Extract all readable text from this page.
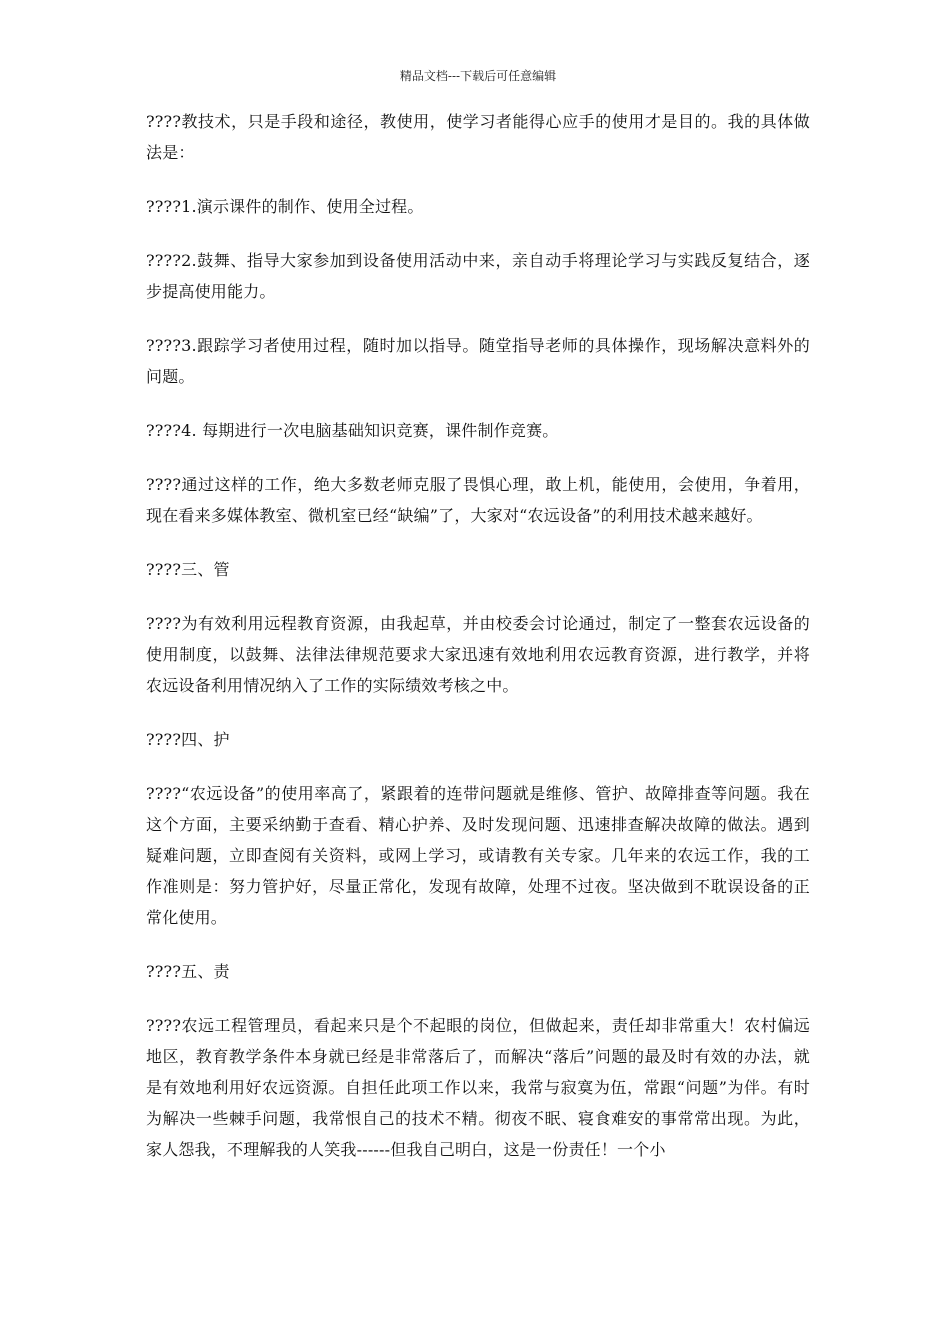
精品文档---下载后可任意编辑

????教技术，只是手段和途径，教使用，使学习者能得心应手的使用才是目的。我的具体做法是：

????1.演示课件的制作、使用全过程。

????2.鼓舞、指导大家参加到设备使用活动中来，亲自动手将理论学习与实践反复结合，逐步提高使用能力。

????3.跟踪学习者使用过程，随时加以指导。随堂指导老师的具体操作，现场解决意料外的问题。

????4. 每期进行一次电脑基础知识竞赛，课件制作竞赛。

????通过这样的工作，绝大多数老师克服了畏惧心理，敢上机，能使用，会使用，争着用，现在看来多媒体教室、微机室已经“缺编”了，大家对“农远设备”的利用技术越来越好。

????三、管

????为有效利用远程教育资源，由我起草，并由校委会讨论通过，制定了一整套农远设备的使用制度，以鼓舞、法律法律规范要求大家迅速有效地利用农远教育资源，进行教学，并将农远设备利用情况纳入了工作的实际绩效考核之中。

????四、护

????“农远设备”的使用率高了，紧跟着的连带问题就是维修、管护、故障排查等问题。我在这个方面，主要采纳勤于查看、精心护养、及时发现问题、迅速排查解决故障的做法。遇到疑难问题，立即查阅有关资料，或网上学习，或请教有关专家。几年来的农远工作，我的工作准则是：努力管护好，尽量正常化，发现有故障，处理不过夜。坚决做到不耽误设备的正常化使用。

????五、责

????农远工程管理员，看起来只是个不起眼的岗位，但做起来，责任却非常重大！农村偏远地区，教育教学条件本身就已经是非常落后了，而解决“落后”问题的最及时有效的办法，就是有效地利用好农远资源。自担任此项工作以来，我常与寂寞为伍，常跟“问题”为伴。有时为解决一些棘手问题，我常恨自己的技术不精。彻夜不眠、寝食难安的事常常出现。为此，家人怨我，不理解我的人笑我------但我自己明白，这是一份责任！一个小
